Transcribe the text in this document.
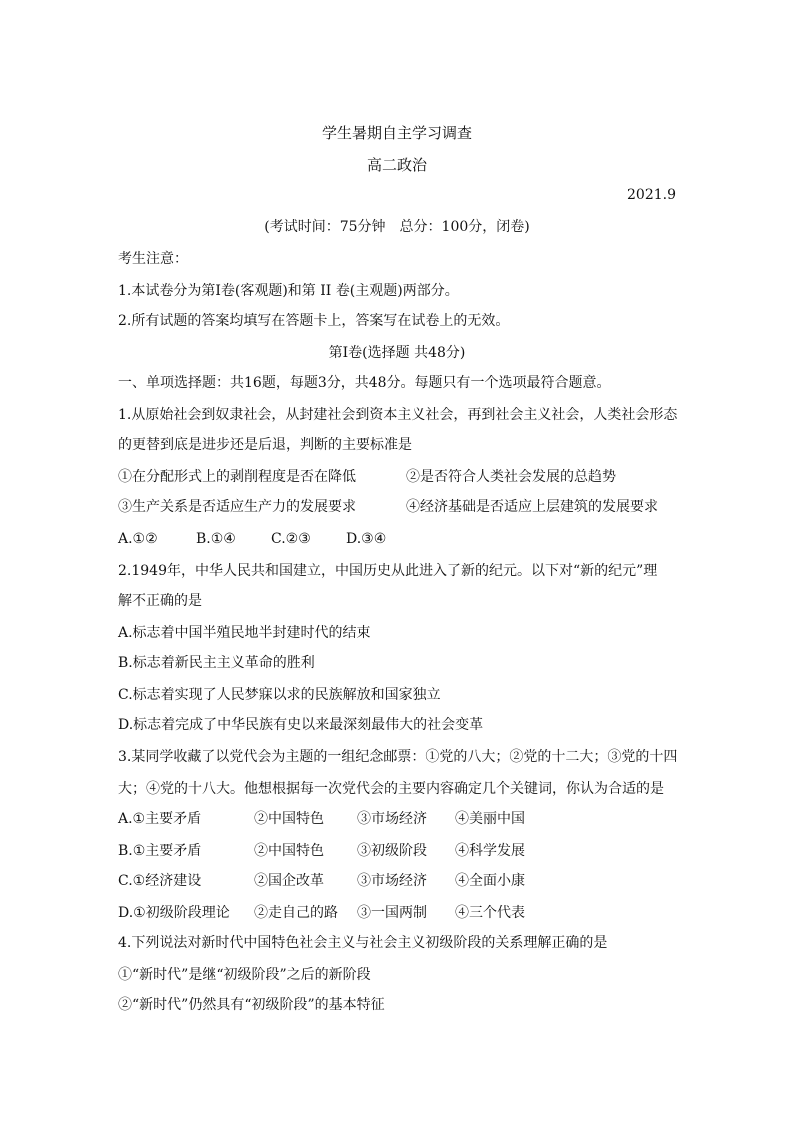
学生暑期自主学习调查
高二政治
2021.9
(考试时间：75分钟　总分：100分，闭卷)
考生注意：
1.本试卷分为第Ⅰ卷(客观题)和第 II 卷(主观题)两部分。
2.所有试题的答案均填写在答题卡上，答案写在试卷上的无效。
第Ⅰ卷(选择题 共48分)
一、单项选择题：共16题，每题3分，共48分。每题只有一个选项最符合题意。
1.从原始社会到奴隶社会，从封建社会到资本主义社会，再到社会主义社会，人类社会形态
的更替到底是进步还是后退，判断的主要标准是
①在分配形式上的剥削程度是否在降低	②是否符合人类社会发展的总趋势
③生产关系是否适应生产力的发展要求	④经济基础是否适应上层建筑的发展要求
A.①②	B.①④	C.②③	D.③④
2.1949年，中华人民共和国建立，中国历史从此进入了新的纪元。以下对“新的纪元”理
解不正确的是
A.标志着中国半殖民地半封建时代的结束
B.标志着新民主主义革命的胜利
C.标志着实现了人民梦寐以求的民族解放和国家独立
D.标志着完成了中华民族有史以来最深刻最伟大的社会变革
3.某同学收藏了以党代会为主题的一组纪念邮票：①党的八大；②党的十二大；③党的十四
大；④党的十八大。他想根据每一次党代会的主要内容确定几个关键词，你认为合适的是
A.①主要矛盾	②中国特色 ③市场经济 ④美丽中国
B.①主要矛盾	②中国特色 ③初级阶段 ④科学发展
C.①经济建设	②国企改革 ③市场经济 ④全面小康
D.①初级阶段理论 ②走自己的路 ③一国两制 ④三个代表
4.下列说法对新时代中国特色社会主义与社会主义初级阶段的关系理解正确的是
①“新时代”是继“初级阶段”之后的新阶段
②“新时代”仍然具有“初级阶段”的基本特征
